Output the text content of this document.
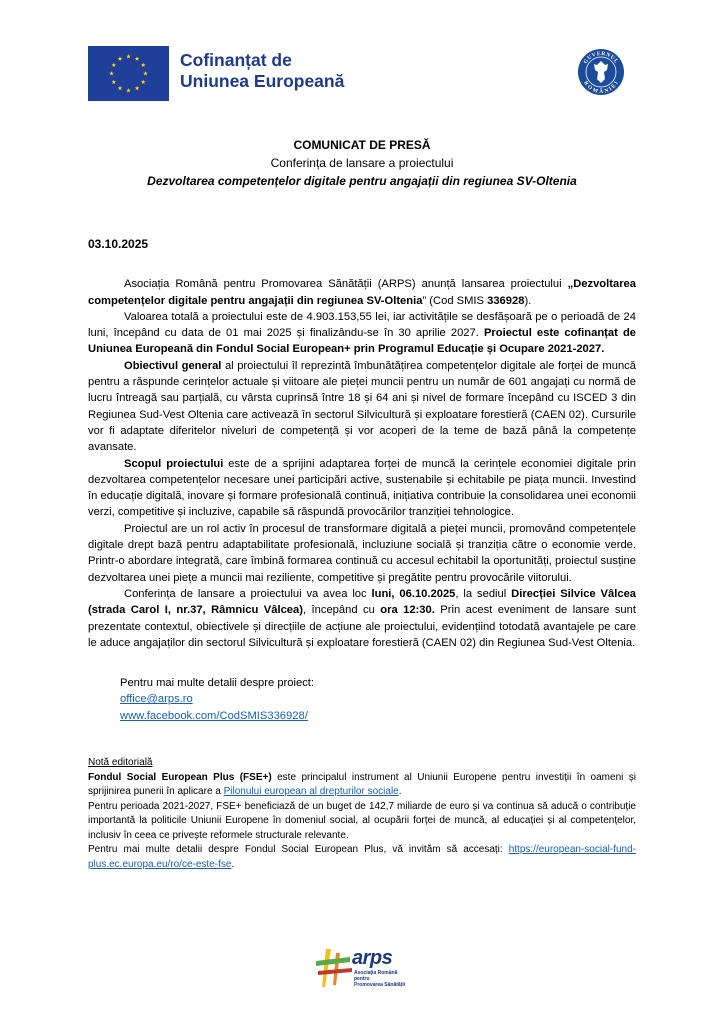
Cofinanțat de
Uniunea Europeană
GUVERNUL
ROMÂNIEI
COMUNICAT DE PRESĂ
Conferința de lansare a proiectului
Dezvoltarea competențelor digitale pentru angajații din regiunea SV-Oltenia
03.10.2025

Asociația Română pentru Promovarea Sănătății (ARPS) anunță lansarea proiectului „Dezvoltarea competențelor digitale pentru angajații din regiunea SV-Oltenia” (Cod SMIS 336928).

Valoarea totală a proiectului este de 4.903.153,55 lei, iar activitățile se desfășoară pe o perioadă de 24 luni, începând cu data de 01 mai 2025 și finalizându-se în 30 aprilie 2027. Proiectul este cofinanțat de Uniunea Europeană din Fondul Social European+ prin Programul Educație și Ocupare 2021-2027.

Obiectivul general al proiectului îl reprezintă îmbunătățirea competențelor digitale ale forței de muncă pentru a răspunde cerințelor actuale și viitoare ale pieței muncii pentru un număr de 601 angajați cu normă de lucru întreagă sau parțială, cu vârsta cuprinsă între 18 și 64 ani și nivel de formare începând cu ISCED 3 din Regiunea Sud-Vest Oltenia care activează în sectorul Silvicultură și exploatare forestieră (CAEN 02). Cursurile vor fi adaptate diferitelor niveluri de competență și vor acoperi de la teme de bază până la competențe avansate.

Scopul proiectului este de a sprijini adaptarea forței de muncă la cerințele economiei digitale prin dezvoltarea competențelor necesare unei participări active, sustenabile și echitabile pe piața muncii. Investind în educație digitală, inovare și formare profesională continuă, inițiativa contribuie la consolidarea unei economii verzi, competitive și incluzive, capabile să răspundă provocărilor tranziției tehnologice.

Proiectul are un rol activ în procesul de transformare digitală a pieței muncii, promovând competențele digitale drept bază pentru adaptabilitate profesională, incluziune socială și tranziția către o economie verde. Printr-o abordare integrată, care îmbină formarea continuă cu accesul echitabil la oportunități, proiectul susține dezvoltarea unei piețe a muncii mai reziliente, competitive și pregătite pentru provocările viitorului.

Conferința de lansare a proiectului va avea loc luni, 06.10.2025, la sediul Direcției Silvice Vâlcea (strada Carol I, nr.37, Râmnicu Vâlcea), începând cu ora 12:30. Prin acest eveniment de lansare sunt prezentate contextul, obiectivele și direcțiile de acțiune ale proiectului, evidențiind totodată avantajele pe care le aduce angajaților din sectorul Silvicultură și exploatare forestieră (CAEN 02) din Regiunea Sud-Vest Oltenia.

Pentru mai multe detalii despre proiect:
office@arps.ro
www.facebook.com/CodSMIS336928/

Notă editorială

Fondul Social European Plus (FSE+) este principalul instrument al Uniunii Europene pentru investiții în oameni și sprijinirea punerii în aplicare a Pilonului european al drepturilor sociale.

Pentru perioada 2021-2027, FSE+ beneficiază de un buget de 142,7 miliarde de euro și va continua să aducă o contribuție importantă la politicile Uniunii Europene în domeniul social, al ocupării forței de muncă, al educației și al competențelor, inclusiv în ceea ce privește reformele structurale relevante.

Pentru mai multe detalii despre Fondul Social European Plus, vă invităm să accesați: https://european-social-fund-plus.ec.europa.eu/ro/ce-este-fse.

arps
Asociația Română pentru
Promovarea Sănătății
